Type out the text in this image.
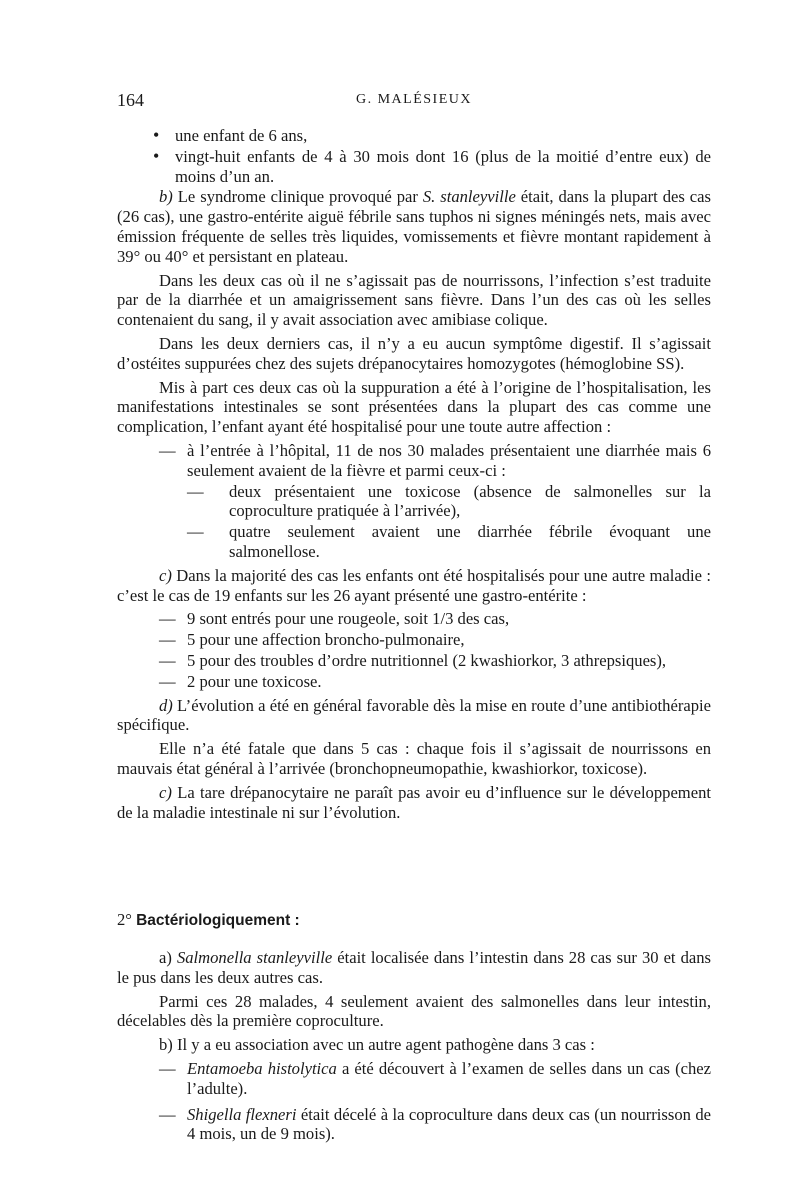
164	G. MALÉSIEUX
• une enfant de 6 ans,
• vingt-huit enfants de 4 à 30 mois dont 16 (plus de la moitié d’entre eux) de moins d’un an.

b) Le syndrome clinique provoqué par S. stanleyville était, dans la plupart des cas (26 cas), une gastro-entérite aiguë fébrile sans tuphos ni signes méningés nets, mais avec émission fréquente de selles très liquides, vomissements et fièvre montant rapidement à 39° ou 40° et persistant en plateau.

Dans les deux cas où il ne s’agissait pas de nourrissons, l’infection s’est traduite par de la diarrhée et un amaigrissement sans fièvre. Dans l’un des cas où les selles contenaient du sang, il y avait association avec amibiase colique.

Dans les deux derniers cas, il n’y a eu aucun symptôme digestif. Il s’agissait d’ostéites suppurées chez des sujets drépanocytaires homozygotes (hémoglobine SS).

Mis à part ces deux cas où la suppuration a été à l’origine de l’hospitalisation, les manifestations intestinales se sont présentées dans la plupart des cas comme une complication, l’enfant ayant été hospitalisé pour une toute autre affection :

— à l’entrée à l’hôpital, 11 de nos 30 malades présentaient une diarrhée mais 6 seulement avaient de la fièvre et parmi ceux-ci :
— deux présentaient une toxicose (absence de salmonelles sur la coproculture pratiquée à l’arrivée),
— quatre seulement avaient une diarrhée fébrile évoquant une salmonellose.

c) Dans la majorité des cas les enfants ont été hospitalisés pour une autre maladie : c’est le cas de 19 enfants sur les 26 ayant présenté une gastro-entérite :

— 9 sont entrés pour une rougeole, soit 1/3 des cas,
— 5 pour une affection broncho-pulmonaire,
— 5 pour des troubles d’ordre nutritionnel (2 kwashiorkor, 3 athrepsiques),
— 2 pour une toxicose.

d) L’évolution a été en général favorable dès la mise en route d’une antibiothérapie spécifique.

Elle n’a été fatale que dans 5 cas : chaque fois il s’agissait de nourrissons en mauvais état général à l’arrivée (bronchopneumopathie, kwashiorkor, toxicose).

c) La tare drépanocytaire ne paraît pas avoir eu d’influence sur le développement de la maladie intestinale ni sur l’évolution.

2° Bactériologiquement :

a) Salmonella stanleyville était localisée dans l’intestin dans 28 cas sur 30 et dans le pus dans les deux autres cas.

Parmi ces 28 malades, 4 seulement avaient des salmonelles dans leur intestin, décelables dès la première coproculture.

b) Il y a eu association avec un autre agent pathogène dans 3 cas :

— Entamoeba histolytica a été découvert à l’examen de selles dans un cas (chez l’adulte).
— Shigella flexneri était décelé à la coproculture dans deux cas (un nourrisson de 4 mois, un de 9 mois).
